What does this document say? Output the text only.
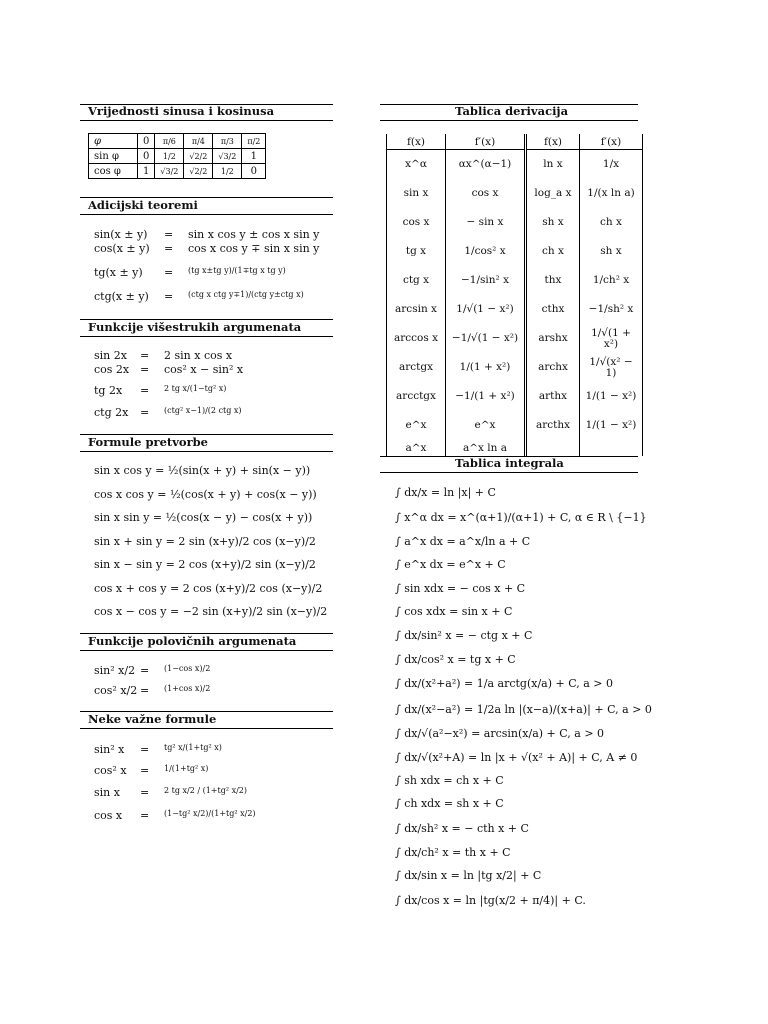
Vrijednosti sinusa i kosinusa
φ	0	π/6	π/4	π/3	π/2
sin φ	0	1/2	√2/2	√3/2	1
cos φ	1	√3/2	√2/2	1/2	0
Adicijski teoremi
sin(x ± y) = sin x cos y ± cos x sin y
cos(x ± y) = cos x cos y ∓ sin x sin y
tg(x ± y) = (tg x±tg y)/(1∓tg x tg y)
ctg(x ± y) = (ctg x ctg y∓1)/(ctg y±ctg x)
Funkcije višestrukih argumenata
sin 2x = 2 sin x cos x
cos 2x = cos² x − sin² x
tg 2x = 2 tg x/(1−tg² x)
ctg 2x = (ctg² x−1)/(2 ctg x)
Formule pretvorbe
sin x cos y = ½(sin(x + y) + sin(x − y))
cos x cos y = ½(cos(x + y) + cos(x − y))
sin x sin y = ½(cos(x − y) − cos(x + y))
sin x + sin y = 2 sin (x+y)/2 cos (x−y)/2
sin x − sin y = 2 cos (x+y)/2 sin (x−y)/2
cos x + cos y = 2 cos (x+y)/2 cos (x−y)/2
cos x − cos y = −2 sin (x+y)/2 sin (x−y)/2
Funkcije polovičnih argumenata
sin² x/2 = (1−cos x)/2
cos² x/2 = (1+cos x)/2
Neke važne formule
sin² x = tg² x/(1+tg² x)
cos² x = 1/(1+tg² x)
sin x = 2 tg x/2 / (1+tg² x/2)
cos x = (1−tg² x/2)/(1+tg² x/2)
Tablica derivacija
f(x)	f′(x)	f(x)	f′(x)
x^α	αx^(α−1)	ln x	1/x
sin x	cos x	log_a x	1/(x ln a)
cos x	− sin x	sh x	ch x
tg x	1/cos² x	ch x	sh x
ctg x	−1/sin² x	thx	1/ch² x
arcsin x	1/√(1 − x²)	cthx	−1/sh² x
arccos x	−1/√(1 − x²)	arshx	1/√(1 + x²)
arctgx	1/(1 + x²)	archx	1/√(x² − 1)
arcctgx	−1/(1 + x²)	arthx	1/(1 − x²)
e^x	e^x	arcthx	1/(1 − x²)
a^x	a^x ln a		
Tablica integrala
∫ dx/x = ln |x| + C
∫ x^α dx = x^(α+1)/(α+1) + C, α ∈ R \ {−1}
∫ a^x dx = a^x/ln a + C
∫ e^x dx = e^x + C
∫ sin xdx = − cos x + C
∫ cos xdx = sin x + C
∫ dx/sin² x = − ctg x + C
∫ dx/cos² x = tg x + C
∫ dx/(x²+a²) = 1/a arctg(x/a) + C, a > 0
∫ dx/(x²−a²) = 1/2a ln |(x−a)/(x+a)| + C, a > 0
∫ dx/√(a²−x²) = arcsin(x/a) + C, a > 0
∫ dx/√(x²+A) = ln |x + √(x² + A)| + C, A ≠ 0
∫ sh xdx = ch x + C
∫ ch xdx = sh x + C
∫ dx/sh² x = − cth x + C
∫ dx/ch² x = th x + C
∫ dx/sin x = ln |tg x/2| + C
∫ dx/cos x = ln |tg(x/2 + π/4)| + C.
